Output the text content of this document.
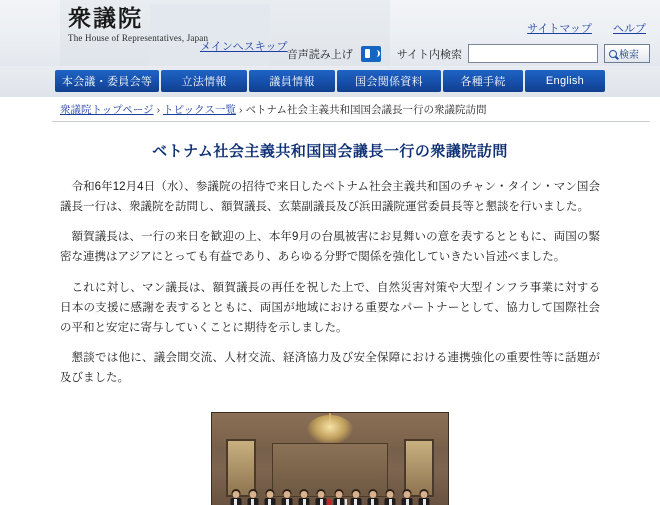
衆議院
The House of Representatives, Japan
メインへスキップ
サイトマップ ヘルプ
音声読み上げ	サイト内検索	検索
本会議・委員会等	立法情報	議員情報	国会関係資料	各種手続	English
衆議院トップページ › トピックス一覧 › ベトナム社会主義共和国国会議長一行の衆議院訪問
ベトナム社会主義共和国国会議長一行の衆議院訪問

令和6年12月4日（水）、参議院の招待で来日したベトナム社会主義共和国のチャン・タイン・マン国会議長一行は、衆議院を訪問し、額賀議長、玄葉副議長及び浜田議院運営委員長等と懇談を行いました。

額賀議長は、一行の来日を歓迎の上、本年9月の台風被害にお見舞いの意を表するとともに、両国の緊密な連携はアジアにとっても有益であり、あらゆる分野で関係を強化していきたい旨述べました。

これに対し、マン議長は、額賀議長の再任を祝した上で、自然災害対策や大型インフラ事業に対する日本の支援に感謝を表するとともに、両国が地域における重要なパートナーとして、協力して国際社会の平和と安定に寄与していくことに期待を示しました。

懇談では他に、議会間交流、人材交流、経済協力及び安全保障における連携強化の重要性等に話題が及びました。
